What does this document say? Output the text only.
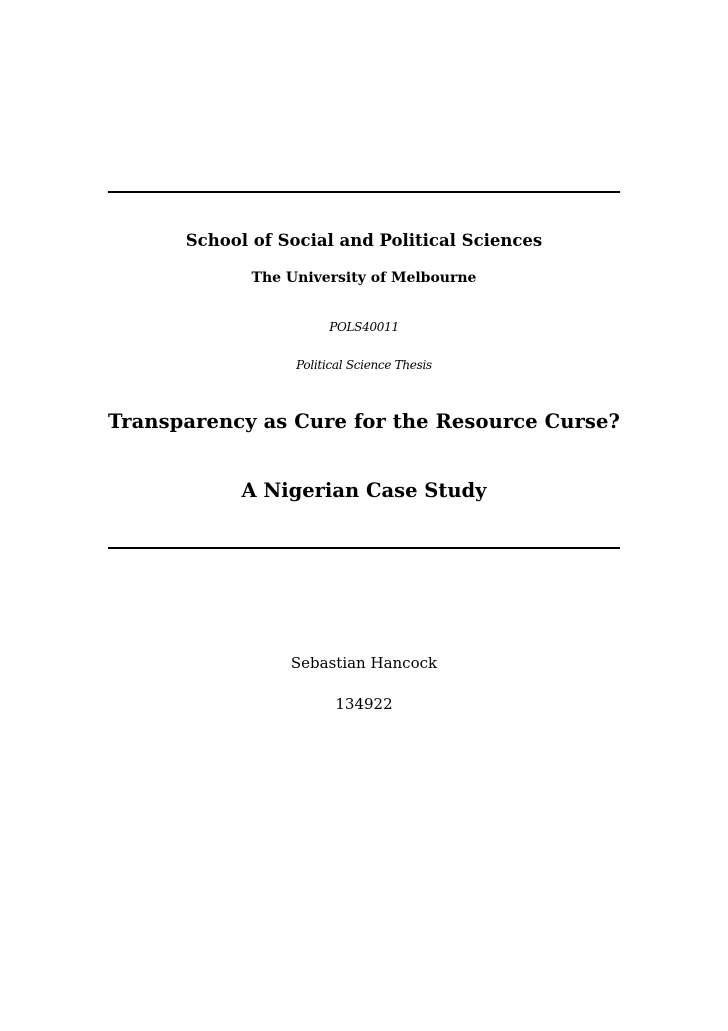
School of Social and Political Sciences
The University of Melbourne
POLS40011
Political Science Thesis
Transparency as Cure for the Resource Curse?
A Nigerian Case Study
Sebastian Hancock
134922
